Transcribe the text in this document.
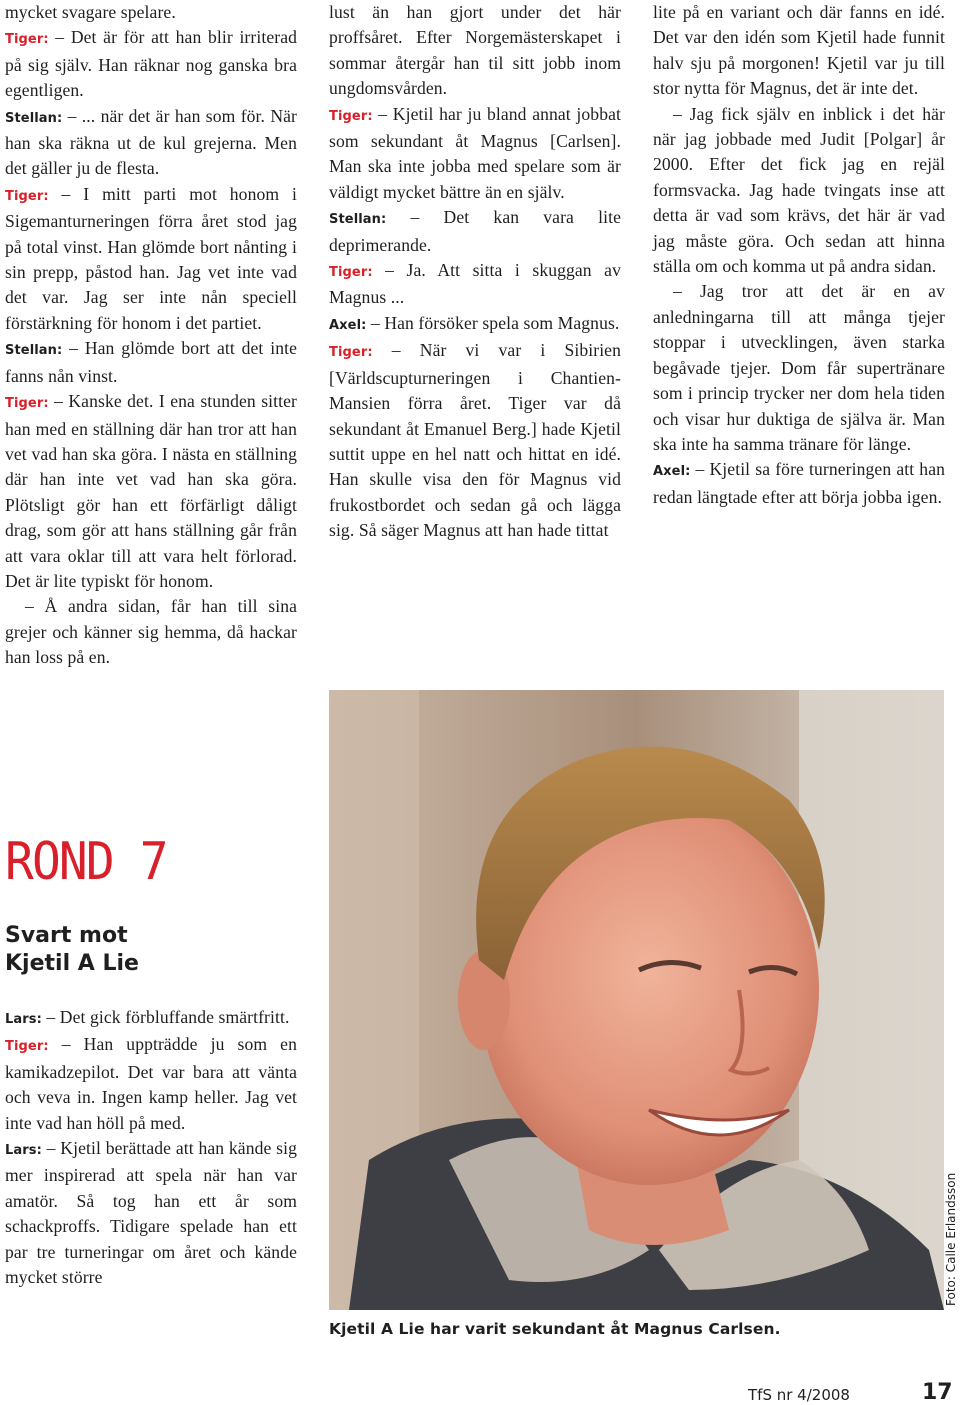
mycket svagare spelare.

Tiger: – Det är för att han blir irriterad på sig själv. Han räknar nog ganska bra egentligen.

Stellan: – ... när det är han som för. När han ska räkna ut de kul grejerna. Men det gäller ju de flesta.

Tiger: – I mitt parti mot honom i Sigemanturneringen förra året stod jag på total vinst. Han glömde bort nånting i sin prepp, påstod han. Jag vet inte vad det var. Jag ser inte nån speciell förstärkning för honom i det partiet.

Stellan: – Han glömde bort att det inte fanns nån vinst.

Tiger: – Kanske det. I ena stunden sitter han med en ställning där han tror att han vet vad han ska göra. I nästa en ställning där han inte vet vad han ska göra. Plötsligt gör han ett förfärligt dåligt drag, som gör att hans ställning går från att vara oklar till att vara helt förlorad. Det är lite typiskt för honom.

– Å andra sidan, får han till sina grejer och känner sig hemma, då hackar han loss på en.

ROND 7
Svart mot
Kjetil A Lie

Lars: – Det gick förbluffande smärtfritt.

Tiger: – Han uppträdde ju som en kamikadzepilot. Det var bara att vänta och veva in. Ingen kamp heller. Jag vet inte vad han höll på med.

Lars: – Kjetil berättade att han kände sig mer inspirerad att spela när han var amatör. Så tog han ett år som schackproffs. Tidigare spelade han ett par tre turneringar om året och kände mycket större

lust än han gjort under det här proffsåret. Efter Norgemästerskapet i sommar återgår han til sitt jobb inom ungdomsvården.

Tiger: – Kjetil har ju bland annat jobbat som sekundant åt Magnus [Carlsen]. Man ska inte jobba med spelare som är väldigt mycket bättre än en själv.

Stellan: – Det kan vara lite deprimerande.

Tiger: – Ja. Att sitta i skuggan av Magnus ...

Axel: – Han försöker spela som Magnus.

Tiger: – När vi var i Sibirien [Världscupturneringen i Chantien-Mansien förra året. Tiger var då sekundant åt Emanuel Berg.] hade Kjetil suttit uppe en hel natt och hittat en idé. Han skulle visa den för Magnus vid frukostbordet och sedan gå och lägga sig. Så säger Magnus att han hade tittat

lite på en variant och där fanns en idé. Det var den idén som Kjetil hade funnit halv sju på morgonen! Kjetil var ju till stor nytta för Magnus, det är inte det.

– Jag fick själv en inblick i det här när jag jobbade med Judit [Polgar] år 2000. Efter det fick jag en rejäl formsvacka. Jag hade tvingats inse att detta är vad som krävs, det här är vad jag måste göra. Och sedan att hinna ställa om och komma ut på andra sidan.

– Jag tror att det är en av anledningarna till att många tjejer stoppar i utvecklingen, även starka begåvade tjejer. Dom får supertränare som i princip trycker ner dom hela tiden och visar hur duktiga de själva är. Man ska inte ha samma tränare för länge.

Axel: – Kjetil sa före turneringen att han redan längtade efter att börja jobba igen.

Kjetil A Lie har varit sekundant åt Magnus Carlsen.

Foto: Calle Erlandsson
TfS nr 4/2008	17
